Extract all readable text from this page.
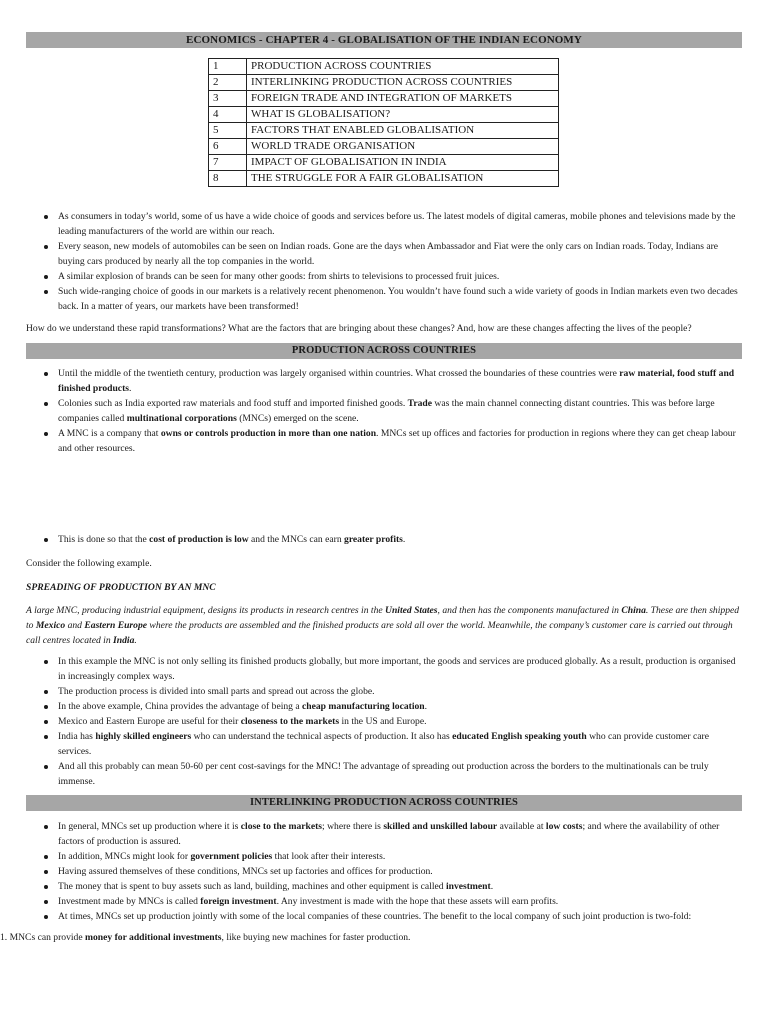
ECONOMICS - CHAPTER 4 - GLOBALISATION OF THE INDIAN ECONOMY
1	PRODUCTION ACROSS COUNTRIES
2	INTERLINKING PRODUCTION ACROSS COUNTRIES
3	FOREIGN TRADE AND INTEGRATION OF MARKETS
4	WHAT IS GLOBALISATION?
5	FACTORS THAT ENABLED GLOBALISATION
6	WORLD TRADE ORGANISATION
7	IMPACT OF GLOBALISATION IN INDIA
8	THE STRUGGLE FOR A FAIR GLOBALISATION
As consumers in today’s world, some of us have a wide choice of goods and services before us. The latest models of digital cameras, mobile phones and televisions made by the leading manufacturers of the world are within our reach.
Every season, new models of automobiles can be seen on Indian roads. Gone are the days when Ambassador and Fiat were the only cars on Indian roads. Today, Indians are buying cars produced by nearly all the top companies in the world.
A similar explosion of brands can be seen for many other goods: from shirts to televisions to processed fruit juices.
Such wide-ranging choice of goods in our markets is a relatively recent phenomenon. You wouldn’t have found such a wide variety of goods in Indian markets even two decades back. In a matter of years, our markets have been transformed!

How do we understand these rapid transformations? What are the factors that are bringing about these changes? And, how are these changes affecting the lives of the people?

PRODUCTION ACROSS COUNTRIES
Until the middle of the twentieth century, production was largely organised within countries. What crossed the boundaries of these countries were raw material, food stuff and finished products.
Colonies such as India exported raw materials and food stuff and imported finished goods. Trade was the main channel connecting distant countries. This was before large companies called multinational corporations (MNCs) emerged on the scene.
A MNC is a company that owns or controls production in more than one nation. MNCs set up offices and factories for production in regions where they can get cheap labour and other resources.
This is done so that the cost of production is low and the MNCs can earn greater profits.

Consider the following example.

SPREADING OF PRODUCTION BY AN MNC

A large MNC, producing industrial equipment, designs its products in research centres in the United States, and then has the components manufactured in China. These are then shipped to Mexico and Eastern Europe where the products are assembled and the finished products are sold all over the world. Meanwhile, the company’s customer care is carried out through call centres located in India.

In this example the MNC is not only selling its finished products globally, but more important, the goods and services are produced globally. As a result, production is organised in increasingly complex ways.
The production process is divided into small parts and spread out across the globe.
In the above example, China provides the advantage of being a cheap manufacturing location.
Mexico and Eastern Europe are useful for their closeness to the markets in the US and Europe.
India has highly skilled engineers who can understand the technical aspects of production. It also has educated English speaking youth who can provide customer care services.
And all this probably can mean 50-60 per cent cost-savings for the MNC! The advantage of spreading out production across the borders to the multinationals can be truly immense.
INTERLINKING PRODUCTION ACROSS COUNTRIES
In general, MNCs set up production where it is close to the markets; where there is skilled and unskilled labour available at low costs; and where the availability of other factors of production is assured.
In addition, MNCs might look for government policies that look after their interests.
Having assured themselves of these conditions, MNCs set up factories and offices for production.
The money that is spent to buy assets such as land, building, machines and other equipment is called investment.
Investment made by MNCs is called foreign investment. Any investment is made with the hope that these assets will earn profits.
At times, MNCs set up production jointly with some of the local companies of these countries. The benefit to the local company of such joint production is two-fold:

1. MNCs can provide money for additional investments, like buying new machines for faster production.
